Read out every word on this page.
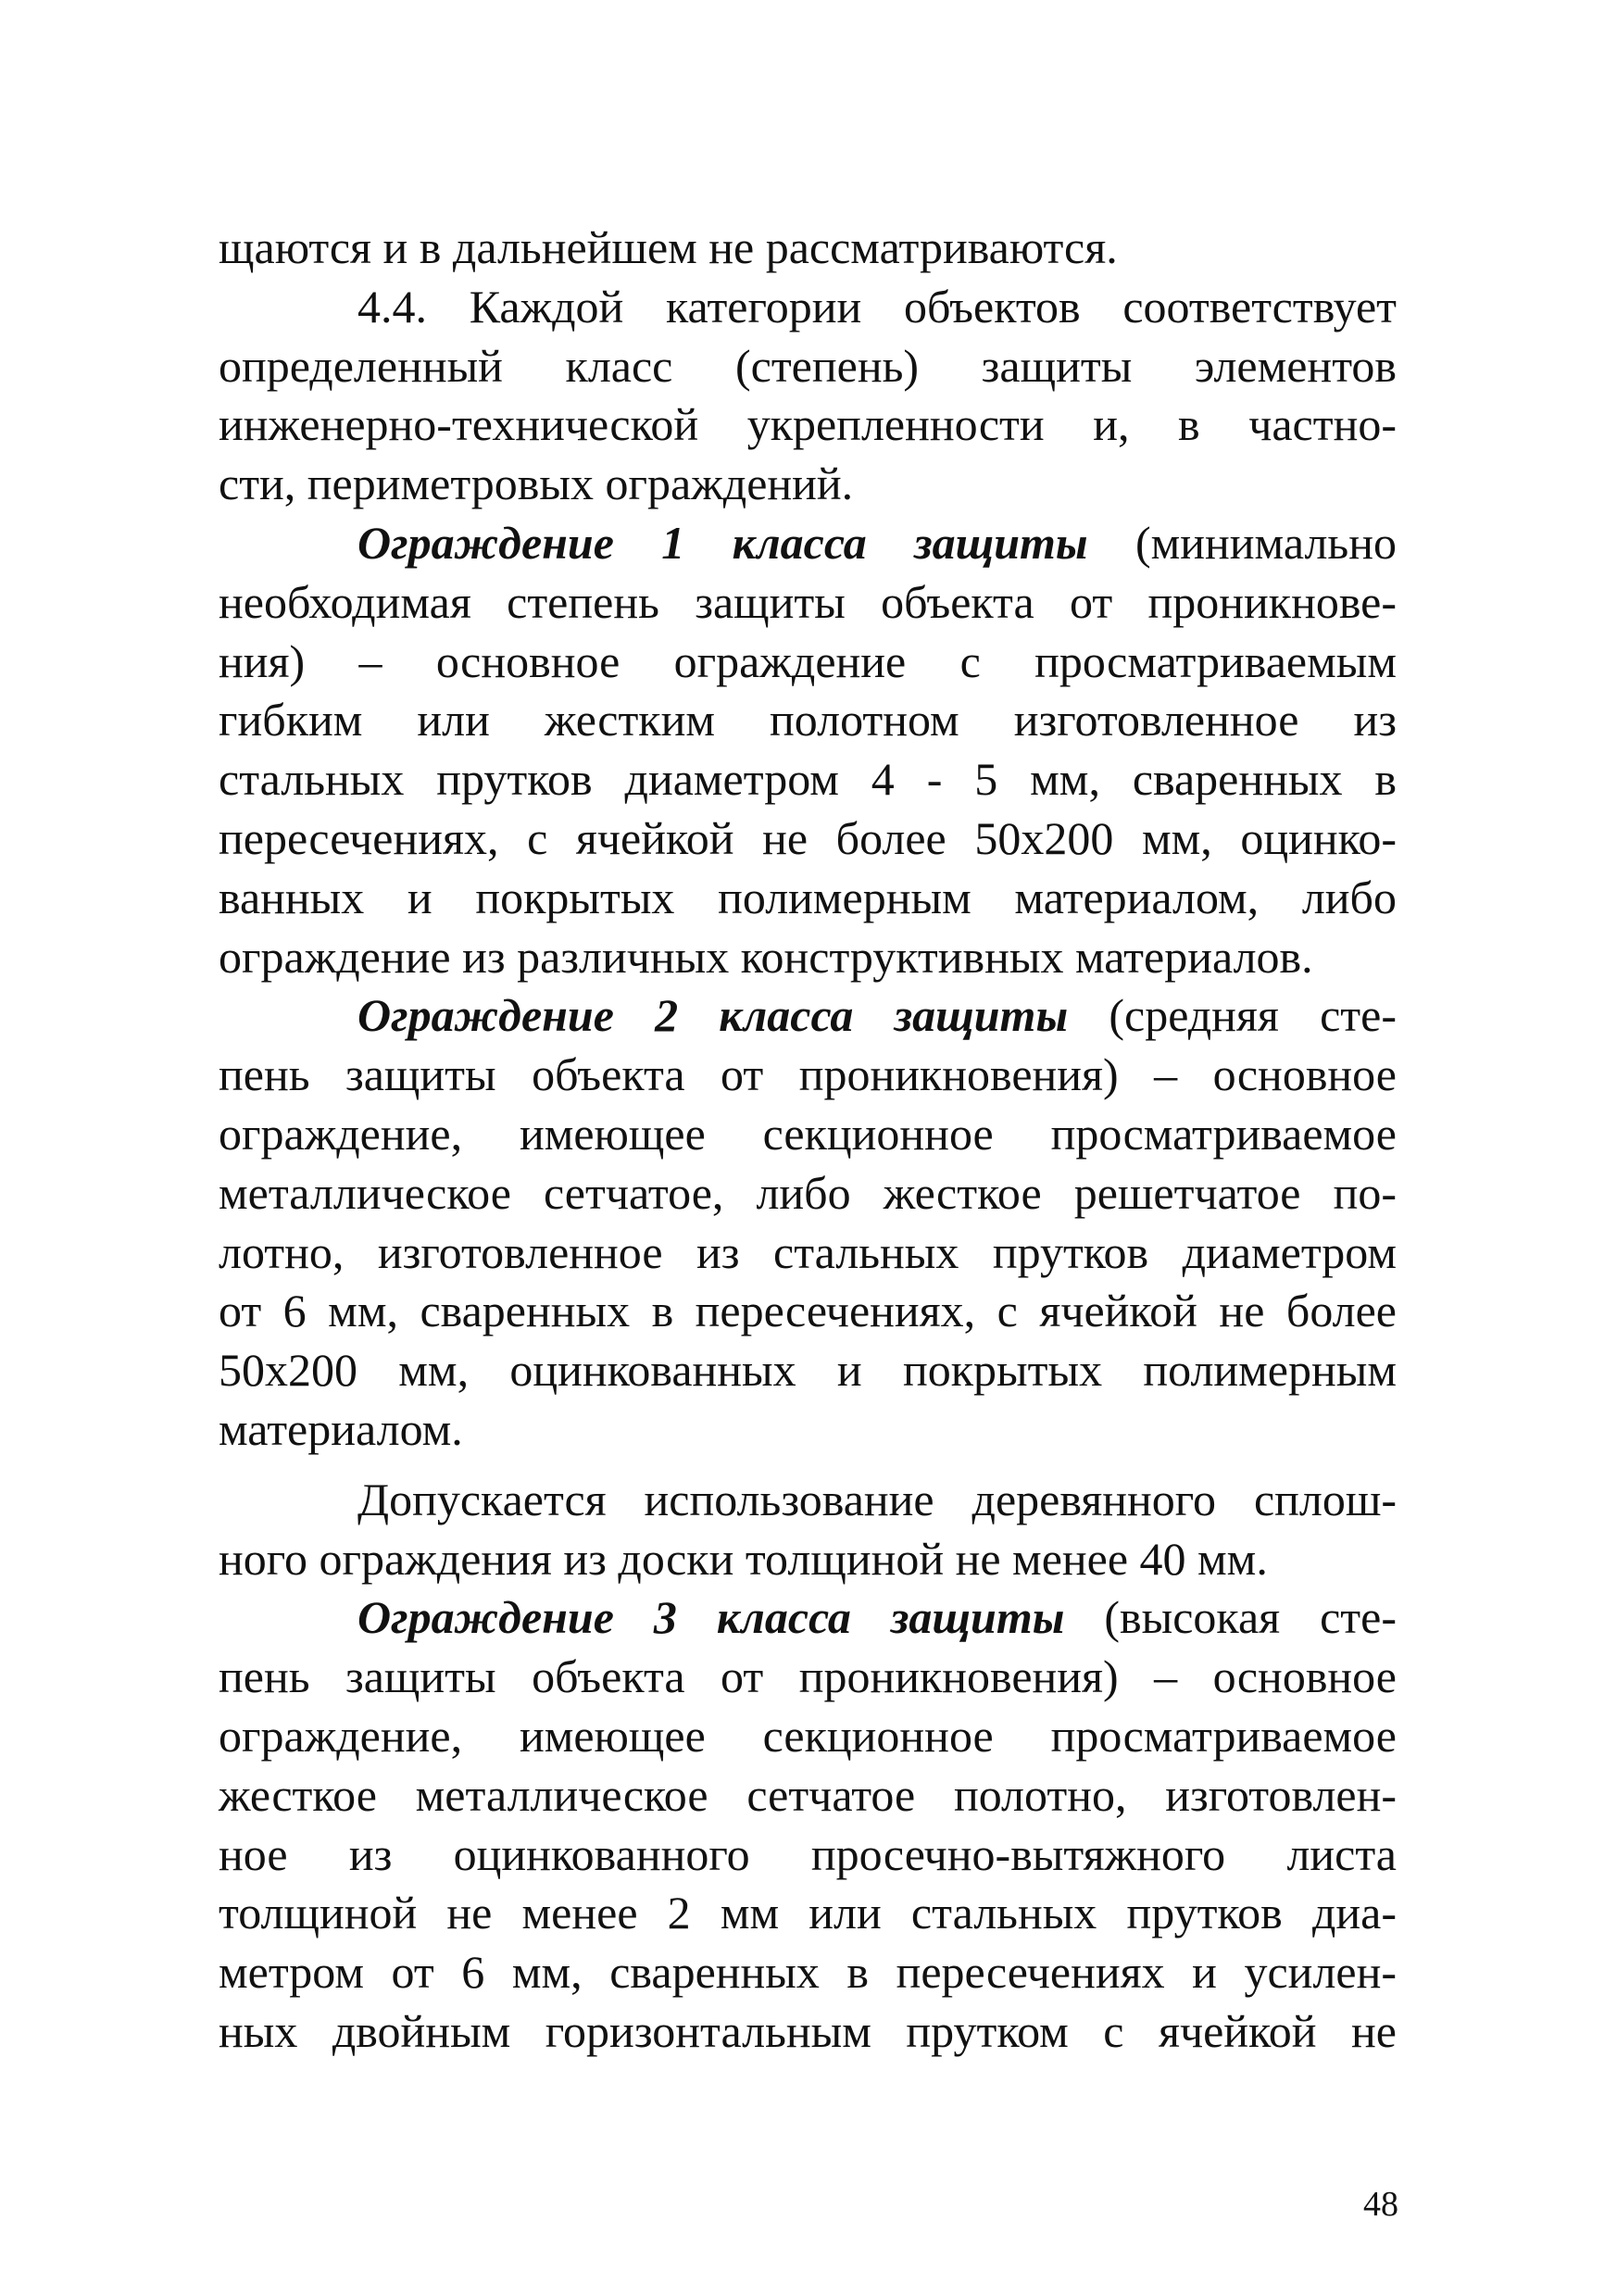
щаются и в дальнейшем не рассматриваются.
4.4. Каждой категории объектов соответствует
определенный класс (степень) защиты элементов
инженерно-технической укрепленности и, в частно-
сти, периметровых ограждений.
Ограждение 1 класса защиты (минимально
необходимая степень защиты объекта от проникнове-
ния) – основное ограждение с просматриваемым
гибким или жестким полотном изготовленное из
стальных прутков диаметром 4 - 5 мм, сваренных в
пересечениях, с ячейкой не более 50х200 мм, оцинко-
ванных и покрытых полимерным материалом, либо
ограждение из различных конструктивных материалов.
Ограждение 2 класса защиты (средняя сте-
пень защиты объекта от проникновения) – основное
ограждение, имеющее секционное просматриваемое
металлическое сетчатое, либо жесткое решетчатое по-
лотно, изготовленное из стальных прутков диаметром
от 6 мм, сваренных в пересечениях, с ячейкой не более
50х200 мм, оцинкованных и покрытых полимерным
материалом.
Допускается использование деревянного сплош-
ного ограждения из доски толщиной не менее 40 мм.
Ограждение 3 класса защиты (высокая сте-
пень защиты объекта от проникновения) – основное
ограждение, имеющее секционное просматриваемое
жесткое металлическое сетчатое полотно, изготовлен-
ное из оцинкованного просечно-вытяжного листа
толщиной не менее 2 мм или стальных прутков диа-
метром от 6 мм, сваренных в пересечениях и усилен-
ных двойным горизонтальным прутком с ячейкой не
48
